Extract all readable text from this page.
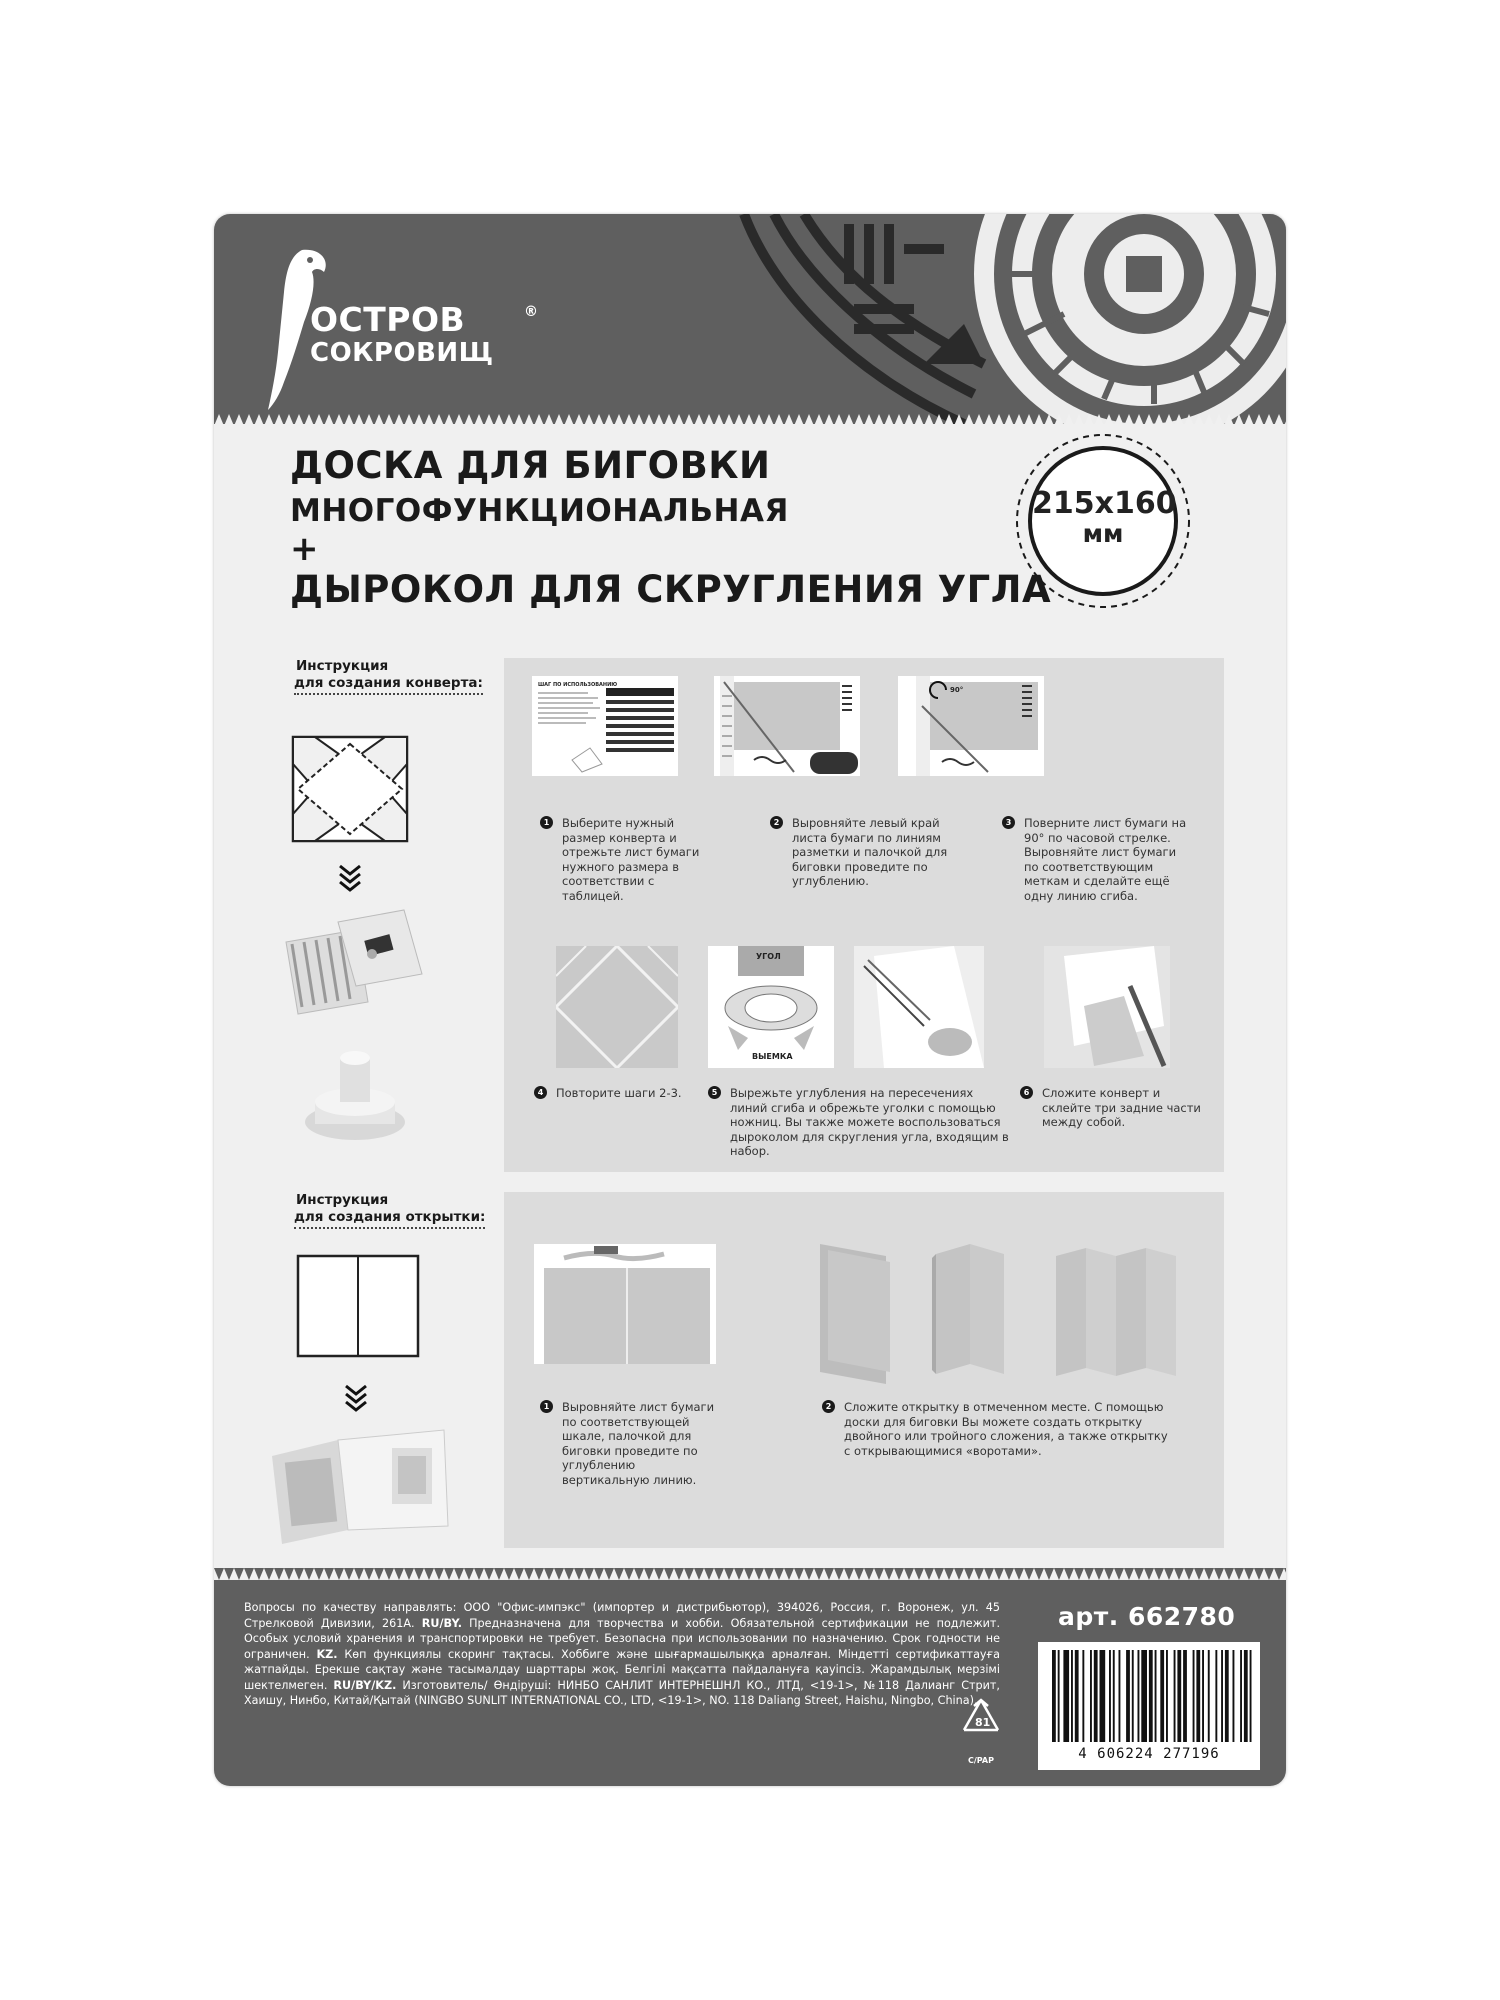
ОСТРОВ
СОКРОВИЩ
®
ДОСКА ДЛЯ БИГОВКИ
МНОГОФУНКЦИОНАЛЬНАЯ
+
ДЫРОКОЛ ДЛЯ СКРУГЛЕНИЯ УГЛА
215х160
мм
Инструкция
для создания конверта:	ШАГ ПО ИСПОЛЬЗОВАНИЮ
90°
1	Выберите нужный размер конверта и отрежьте лист бумаги нужного размера в соответствии с таблицей.
2	Выровняйте левый край листа бумаги по линиям разметки и палочкой для биговки проведите по углублению.
3	Поверните лист бумаги на 90° по часовой стрелке. Выровняйте лист бумаги по соответствующим меткам и сделайте ещё одну линию сгиба.
УГОЛ
ВЫЕМКА
4	Повторите шаги 2-3.	5	Вырежьте углубления на пересечениях линий сгиба и обрежьте уголки с помощью ножниц. Вы также можете воспользоваться дыроколом для скругления угла, входящим в набор.
6	Сложите конверт и склейте три задние части между собой.
Инструкция
для создания открытки:
1	Выровняйте лист бумаги по соответствующей шкале, палочкой для биговки проведите по углублению вертикальную линию.
2	Сложите открытку в отмеченном месте. С помощью доски для биговки Вы можете создать открытку двойного или тройного сложения, а также открытку с открывающимися «воротами».
Вопросы по качеству направлять: ООО "Офис-импэкс" (импортер и дистрибьютор), 394026, Россия, г. Воронеж, ул. 45 Стрелковой Дивизии, 261А. RU/BY. Предназначена для творчества и хобби. Обязательной сертификации не подлежит. Особых условий хранения и транспортировки не требует. Безопасна при использовании по назначению. Срок годности не ограничен. KZ. Көп функциялы скоринг тақтасы. Хоббиге және шығармашылыққа арналған. Міндетті сертификаттауға жатпайды. Ерекше сақтау және тасымалдау шарттары жоқ. Белгілі мақсатта пайдалануға қауіпсіз. Жарамдылық мерзімі шектелмеген. RU/BY/KZ. Изготовитель/ Өндіруші: НИНБО САНЛИТ ИНТЕРНЕШНЛ КО., ЛТД, <19-1>, №118 Далианг Стрит, Хаишу, Нинбо, Китай/Қытай (NINGBO SUNLIT INTERNATIONAL CO., LTD, <19-1>, NO. 118 Daliang Street, Haishu, Ningbo, China).
арт. 662780
81
C/PAP	4 606224 277196
